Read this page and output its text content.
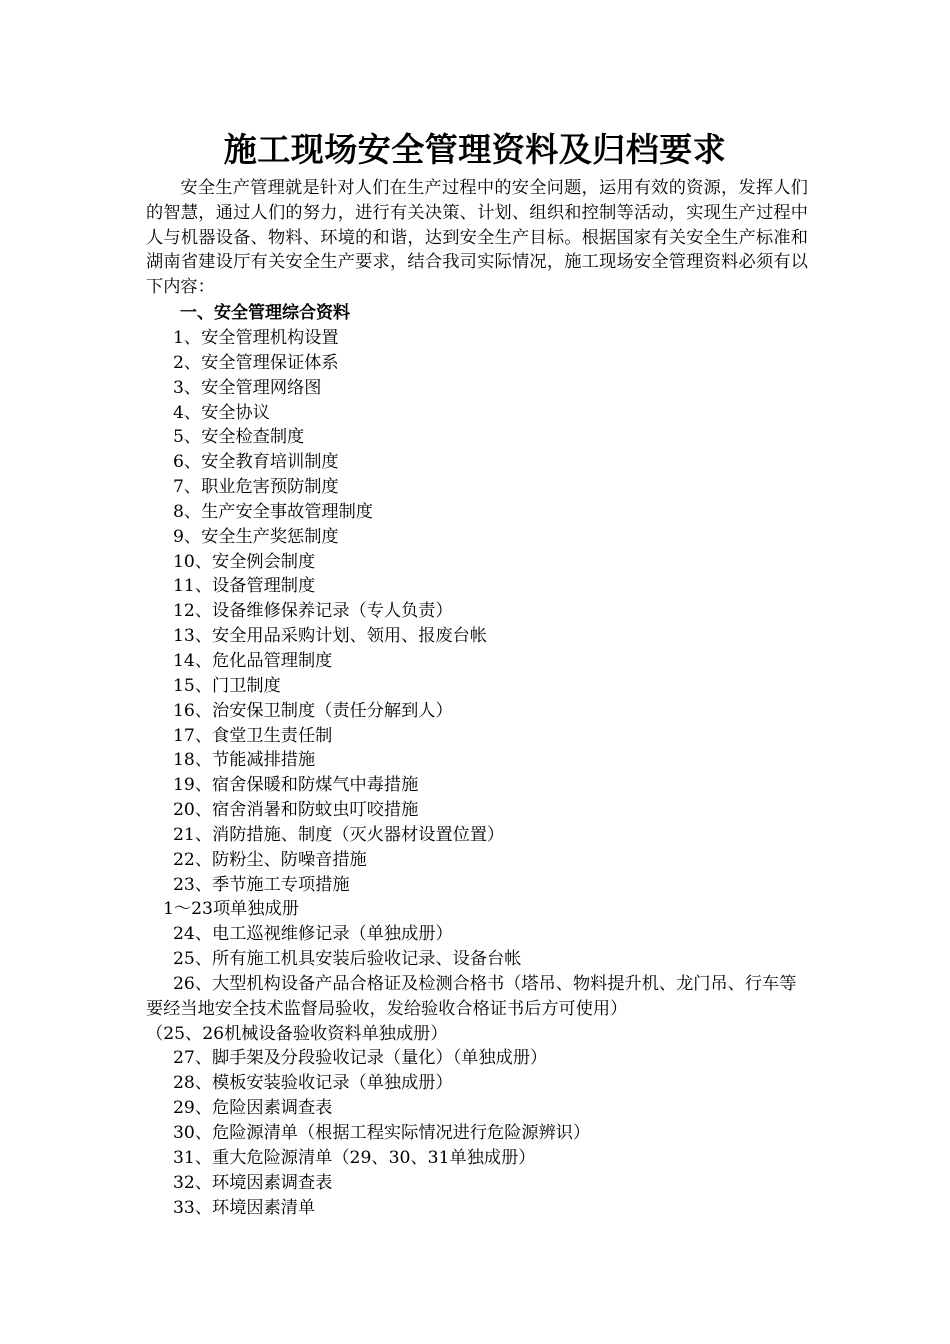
施工现场安全管理资料及归档要求

安全生产管理就是针对人们在生产过程中的安全问题，运用有效的资源，发挥人们的智慧，通过人们的努力，进行有关决策、计划、组织和控制等活动，实现生产过程中人与机器设备、物料、环境的和谐，达到安全生产目标。根据国家有关安全生产标准和湖南省建设厅有关安全生产要求，结合我司实际情况，施工现场安全管理资料必须有以下内容：

一、安全管理综合资料
1、安全管理机构设置
2、安全管理保证体系
3、安全管理网络图
4、安全协议
5、安全检查制度
6、安全教育培训制度
7、职业危害预防制度
8、生产安全事故管理制度
9、安全生产奖惩制度
10、安全例会制度
11、设备管理制度
12、设备维修保养记录（专人负责）
13、安全用品采购计划、领用、报废台帐
14、危化品管理制度
15、门卫制度
16、治安保卫制度（责任分解到人）
17、食堂卫生责任制
18、节能减排措施
19、宿舍保暖和防煤气中毒措施
20、宿舍消暑和防蚊虫叮咬措施
21、消防措施、制度（灭火器材设置位置）
22、防粉尘、防噪音措施
23、季节施工专项措施
1～23项单独成册
24、电工巡视维修记录（单独成册）
25、所有施工机具安装后验收记录、设备台帐
26、大型机构设备产品合格证及检测合格书（塔吊、物料提升机、龙门吊、行车等要经当地安全技术监督局验收，发给验收合格证书后方可使用）
（25、26机械设备验收资料单独成册）
27、脚手架及分段验收记录（量化）（单独成册）
28、模板安装验收记录（单独成册）
29、危险因素调查表
30、危险源清单（根据工程实际情况进行危险源辨识）
31、重大危险源清单（29、30、31单独成册）
32、环境因素调查表
33、环境因素清单
